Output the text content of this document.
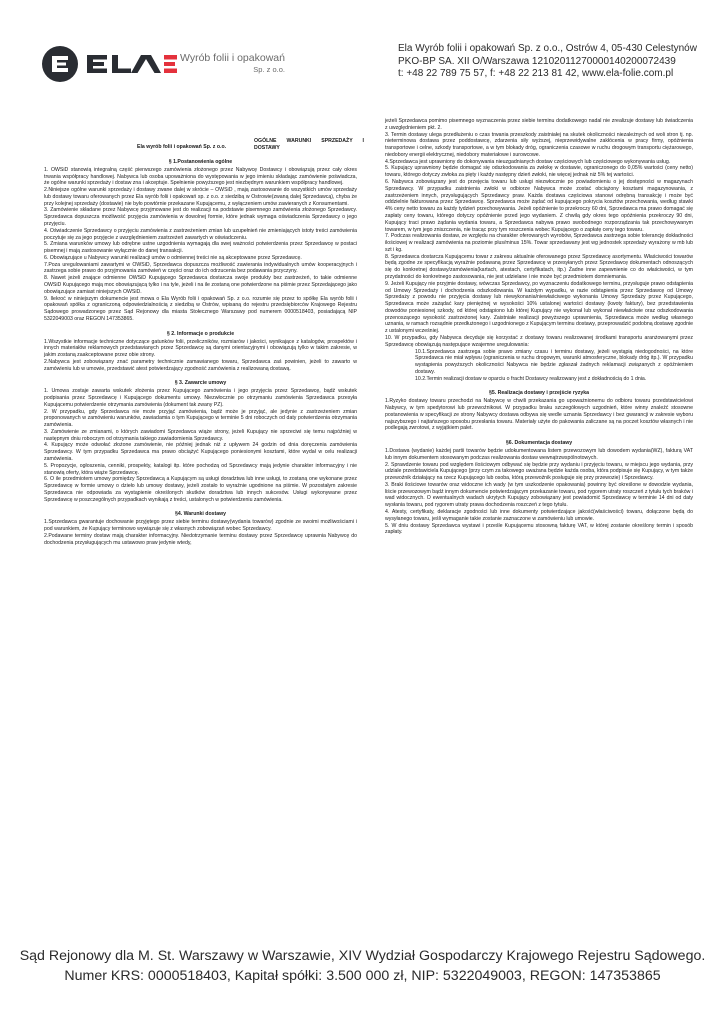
Wyrób folii i opakowań
Sp. z o.o.
Ela Wyrób folii i opakowań Sp. z o.o., Ostrów 4, 05-430 Celestynów
PKO-BP SA. XII O/Warszawa 12102011270000140200072439
t: +48 22 789 75 57, f: +48 22 213 81 42, www.ela-folie.com.pl
OGÓLNE WARUNKI SPRZEDAŻY I DOSTAWY
Ela wyrób folii i opakowań Sp. z o.o.

§ 1.Postanowienia ogólne

1. OWSiD stanowią integralną część pierwszego zamówienia złożonego przez Nabywcę Dostawcy i obowiązują przez cały okres trwania współpracy handlowej. Nabywca lub osoba upoważniona do występowania w jego imieniu składając zamówienie poświadcza, że ogólne warunki sprzedaży i dostaw zna i akceptuje. Spełnienie powyższego jest niezbędnym warunkiem współpracy handlowej.

2.Niniejsze ogólne warunki sprzedaży i dostawy zwane dalej w skrócie – OWSiD , mają zastosowanie do wszystkich umów sprzedaży lub dostawy towaru oferowanych przez Ela wyrób folii i opakowań sp. z o.o. z siedzibą w Ostrowie(zwaną dalej Sprzedawcą), chyba że przy kolejnej sprzedaży (dostawie) nie było powtórnie przekazane Kupującemu, z wyłączeniem umów zawieranych z Konsumentami.

3. Zamówienie składane przez Nabywcę przyjmowane jest do realizacji na podstawie pisemnego zamówienia złożonego Sprzedawcy. Sprzedawca dopuszcza możliwość przyjęcia zamówienia w dowolnej formie, które jednak wymaga oświadczenia Sprzedawcy o jego przyjęciu.

4. Oświadczenie Sprzedawcy o przyjęciu zamówienia z zastrzeżeniem zmian lub uzupełnień nie zmieniających istoty treści zamówienia poczytuje się za jego przyjęcie z uwzględnieniem zastrzeżeń zawartych w oświadczeniu.

5. Zmiana warunków umowy lub odrębne ustne uzgodnienia wymagają dla swej ważności potwierdzenia przez Sprzedawcę w postaci pisemnej i mają zastosowanie wyłącznie do danej transakcji.

6. Obowiązujące u Nabywcy warunki realizacji umów o odmiennej treści nie są akceptowane przez Sprzedawcę.

7.Poza uregulowaniami zawartymi w OWSiD, Sprzedawca dopuszcza możliwość zawierania indywidualnych umów kooperacyjnych i zastrzega sobie prawo do przyjmowania zamówień w części oraz do ich odrzucenia bez podawania przyczyny.

8. Nawet jeżeli znające odmienne OWSiD Kupującego Sprzedawca dostarcza swoje produkty bez zastrzeżeń, to takie odmienne OWSiD Kupującego mają moc obowiązującą tylko i na tyle, jeżeli i na ile zostaną one potwierdzone na piśmie przez Sprzedającego jako obowiązujące zamiast niniejszych OWSiD.

9. Ilekroć w niniejszym dokumencie jest mowa o Ela Wyrób folii i opakowań Sp. z o.o. rozumie się przez to spółkę Ela wyrób folii i opakowań spółka z ograniczoną odpowiedzialnością z siedzibą w Ostrów, wpisaną do rejestru przedsiębiorców Krajowego Rejestru Sądowego prowadzonego przez Sąd Rejonowy dla miasta Stołecznego Warszawy pod numerem 0000518403, posiadającą NIP 5322049003 oraz REGON 147353865.

§ 2. Informacje o produkcie

1.Wszystkie informacje techniczne dotyczące gatunków folii, przeliczników, rozmiarów i jakości, wynikające z katalogów, prospektów i innych materiałów reklamowych przedstawianych przez Sprzedawcę są danymi orientacyjnymi i obowiązują tylko w takim zakresie, w jakim zostaną zaakceptowane przez obie strony.

2.Nabywca jest zobowiązany znać parametry technicznie zamawianego towaru, Sprzedawca zaś powinien, jeżeli to zawarto w zamówieniu lub w umowie, przedstawić atest potwierdzający zgodność zamówienia z realizowaną dostawą.

§ 3. Zawarcie umowy

1. Umowa zostaje zawarta wskutek złożenia przez Kupującego zamówienia i jego przyjęcia przez Sprzedawcę, bądź wskutek podpisania przez Sprzedawcę i Kupującego dokumentu umowy. Niezwłocznie po otrzymaniu zamówienia Sprzedawca przesyła Kupującemu potwierdzenie otrzymania zamówienia (dokument tak zwany PZ).

2. W przypadku, gdy Sprzedawca nie może przyjąć zamówienia, bądź może je przyjąć, ale jedynie z zastrzeżeniem zmian proponowanych w zamówieniu warunków, zawiadamia o tym Kupującego w terminie 5 dni roboczych od daty potwierdzenia otrzymania zamówienia.

3. Zamówienie ze zmianami, o których zawiadomi Sprzedawca wiąże strony, jeżeli Kupujący nie sprzeciwi się temu najpóźniej w następnym dniu roboczym od otrzymania takiego zawiadomienia Sprzedawcy.

4. Kupujący może odwołać złożone zamówienie, nie później jednak niż z upływem 24 godzin od dnia doręczenia zamówienia Sprzedawcy. W tym przypadku Sprzedawca ma prawo obciążyć Kupującego poniesionymi kosztami, które wydał w celu realizacji zamówienia.

5. Propozycje, ogłoszenia, cenniki, prospekty, katalogi itp. które pochodzą od Sprzedawcy mają jedynie charakter informacyjny i nie stanowią oferty, która wiąże Sprzedawcę.

6. O ile przedmiotem umowy pomiędzy Sprzedawcą a Kupującym są usługi doradztwa lub inne usługi, to zostaną one wykonane przez Sprzedawcę w formie umowy o dzieło lub umowy dostawy, jeżeli zostało to wyraźnie ugodnione na piśmie. W pozostałym zakresie Sprzedawca nie odpowiada za wystąpienie określonych skutków doradztwa lub innych sukcesów. Usługi wykonywane przez Sprzedawcę w poszczególnych przypadkach wynikają z treści, ustalonych w potwierdzeniu zamówienia.

§4. Warunki dostawy

1.Sprzedawca gwarantuje dochowanie przyjętego przez siebie terminu dostawy(wydania towarów) zgodnie ze swoimi możliwościami i pod warunkiem, że Kupujący terminowo wywiązuje się z własnych zobowiązań wobec Sprzedawcy.

2.Podawane terminy dostaw mają charakter informacyjny. Niedotrzymanie terminu dostawy przez Sprzedawcę uprawnia Nabywcę do dochodzenia przysługujących mu ustawowo praw jedynie wtedy,

jeżeli Sprzedawca pomimo pisemnego wyznaczenia przez siebie terminu dodatkowego nadal nie zrealizuje dostawy lub świadczenia z uwzględnieniem pkt. 2.

3. Termin dostawy ulega przedłużeniu o czas trwania przeszkody zaistniałej na skutek okoliczności niezależnych od woli stron tj. np. nieterminowa dostawa przez poddostawcę, zdarzenia siły wyższej, nieprzewidywalne zakłócenia w pracy firmy, opóźnienia transportowe i celne, szkody transportowe, a w tym blokady dróg, ograniczenia czasowe w ruchu drogowym transportu ciężarowego, niedobory energii elektrycznej, niedobory materiałowe i surowcowe.

4.Sprzedawca jest uprawniony do dokonywania nieuzgadnianych dostaw częściowych lub częściowego wykonywania usług.

5. Kupujący uprawniony będzie domagać się odszkodowania za zwłokę w dostawie, ograniczonego do 0,05% wartości (ceny netto) towaru, którego dotyczy zwłoka za pięty i każdy następny dzień zwłoki, nie więcej jednak niż 5% tej wartości.

6. Nabywca zobowiązany jest do przejęcia towaru lub usługi niezwłocznie po powiadomieniu o jej dostępności w magazynach Sprzedawcy. W przypadku zaistnienia zwłoki w odbiorze Nabywca może zostać obciążony kosztami magazynowania, z zastrzeżeniem innych, przysługujących Sprzedawcy praw. Każda dostawa częściowa stanowi odrębną transakcję i może być oddzielnie fakturowana przez Sprzedawcę. Sprzedawca może żądać od kupującego pokrycia kosztów przechowania, według stawki 4% ceny netto towaru za każdy tydzień przechowywania. Jeżeli opóźnienie to przekroczy 60 dni, Sprzedawca ma prawo domagać się zapłaty ceny towaru, którego dotyczy opóźnienie przed jego wydaniem. Z chwilą gdy okres tego opóźnienia przekroczy 90 dni, Kupujący traci prawo żądania wydania towaru, a Sprzedawca nabywa prawo swobodnego rozporządzania tak przechowywanym towarem, w tym jego zniszczenia, nie tracąc przy tym roszczenia wobec Kupującego o zapłatę ceny tego towaru.

7. Podczas realizowania dostaw, ze względu na charakter oferowanych wyrobów, Sprzedawca zastrzega sobie tolerancję dokładności ilościowej w realizacji zamówienia na poziomie plus/minus 15%. Towar sprzedawany jest wg jednostek sprzedaży wyrażony w mb lub szt i kg.

8. Sprzedawca dostarcza Kupującemu towar z zakresu aktualnie oferowanego przez Sprzedawcę asortymentu. Właściwości towarów będą zgodne ze specyfikacją wyraźnie podawaną przez Sprzedawcę w przesyłanych przez Sprzedawcę dokumentach odnoszących się do konkretnej dostawy/zamówienia(kartach, atestach, certyfikatach, itp.) Żadne inne zapewnienie co do właściwości, w tym przydatności do konkretnego zastosowania, nie jest udzielane i nie może być przedmiotem domniemania.

9. Jeżeli Kupujący nie przyjmie dostawy, wówczas Sprzedawcy, po wyznaczeniu dodatkowego terminu, przysługuje prawo odstąpienia od Umowy Sprzedaży i dochodzenia odszkodowania. W każdym wypadku, w razie odstąpienia przez Sprzedawcę od Umowy Sprzedaży z powodu nie przyjęcia dostawy lub niewykonania/niewłaściwego wykonania Umowy Sprzedaży przez Kupującego, Sprzedawca może zażądać kary pieniężnej w wysokości 10% ustalonej wartości dostawy (kwoty faktury), bez przedstawienia dowodów poniesionej szkody, od której odstąpiono lub której Kupujący nie wykonał lub wykonał niewłaściwie oraz odszkodowania przenoszącego wysokość zastrzeżonej kary. Zaistniałe realizacji powyższego uprawnienia, Sprzedawca może według własnego uznania, w ramach rozsądnie przedłużonego i uzgodnionego z Kupującym terminu dostawy, przeprowadzić podobną dostawę zgodnie z ustalonymi wcześniej.

10. W przypadku, gdy Nabywca decyduje się korzystać z dostawy towaru realizowanej środkami transportu aranżowanymi przez Sprzedawcę obowiązują następujące wzajemne uregulowania:

10.1.Sprzedawca zastrzega sobie prawo zmiany czasu i terminu dostawy, jeżeli wystąpią niedogodności, na które Sprzedawca nie miał wpływu (ograniczenia w ruchu drogowym, warunki atmosferyczne, blokady dróg itp.). W przypadku wystąpienia powyższych okoliczności Nabywca nie będzie zgłaszał żadnych reklamacji związanych z opóźnieniem dostawy.

10.2.Termin realizacji dostaw w oparciu o fracht Dostawcy realizowany jest z dokładnością do 1 dnia.

§5. Realizacja dostawy i przejście ryzyka

1.Ryzyko dostawy towaru przechodzi na Nabywcę w chwili przekazania go upoważnionemu do odbioru towaru przedstawicielowi Nabywcy, w tym spedytorowi lub przewoźnikowi. W przypadku braku szczegółowych uzgodnień, które winny znaleźć stosowne postanowienia w specyfikacji ze strony Nabywcy dostawa odbywa się wedle uznania Sprzedawcy i bez gwarancji w zakresie wyboru najszybszego i najtańszego sposobu przesłania towaru. Materiały użyte do pakowania zaliczane są na poczet kosztów własnych i nie podlegają zwrotowi, z wyjątkiem palet.

§6. Dokumentacja dostawy

1.Dostawa (wydanie) każdej partii towarów będzie udokumentowana listem przewozowym lub dowodem wydania(WZ), fakturą VAT lub innym dokumentem stosowanym podczas realizowania dostaw wewnątrzwspólnotowych.

2. Sprawdzenie towaru pod względem ilościowym odbywać się będzie przy wydaniu i przyjęciu towaru, w miejscu jego wydania, przy udziale przedstawiciela Kupującego (przy czym za takowego uważana będzie każda osoba, która podpisuje się Kupujący, w tym także przewoźnik działający na rzecz Kupującego lub osoba, którą przewoźnik posługuje się przy przewozie) i Sprzedawcy.

3. Braki ilościowe towarów oraz widoczne ich wady (w tym uszkodzenie opakowania) powinny być określone w dowodzie wydania, liście przewozowym bądź innym dokumencie potwierdzającym przekazanie towaru, pod rygorem utraty roszczeń z tytułu tych braków i wad widocznych. O ewentualnych wadach ukrytych Kupujący zobowiązany jest powiadomić Sprzedawcę w terminie 14 dni od daty wysłania towaru, pod rygorem utraty prawa dochodzenia roszczeń z tego tytułu.

4. Atesty, certyfikaty, deklaracje zgodności lub inne dokumenty potwierdzające jakość(właściwości) towaru, dołączone będą do wysyłanego towaru, jeśli wymaganie takie zostanie zaznaczone w zamówieniu lub umowie.

5. W dniu dostawy Sprzedawca wystawi i prześle Kupującemu stosowną fakturę VAT, w której zostanie określony termin i sposób zapłaty.

Sąd Rejonowy dla M. St. Warszawy w Warszawie, XIV Wydział Gospodarczy Krajowego Rejestru Sądowego.
Numer KRS: 0000518403, Kapitał spółki: 3.500 000 zł, NIP: 5322049003, REGON: 147353865
